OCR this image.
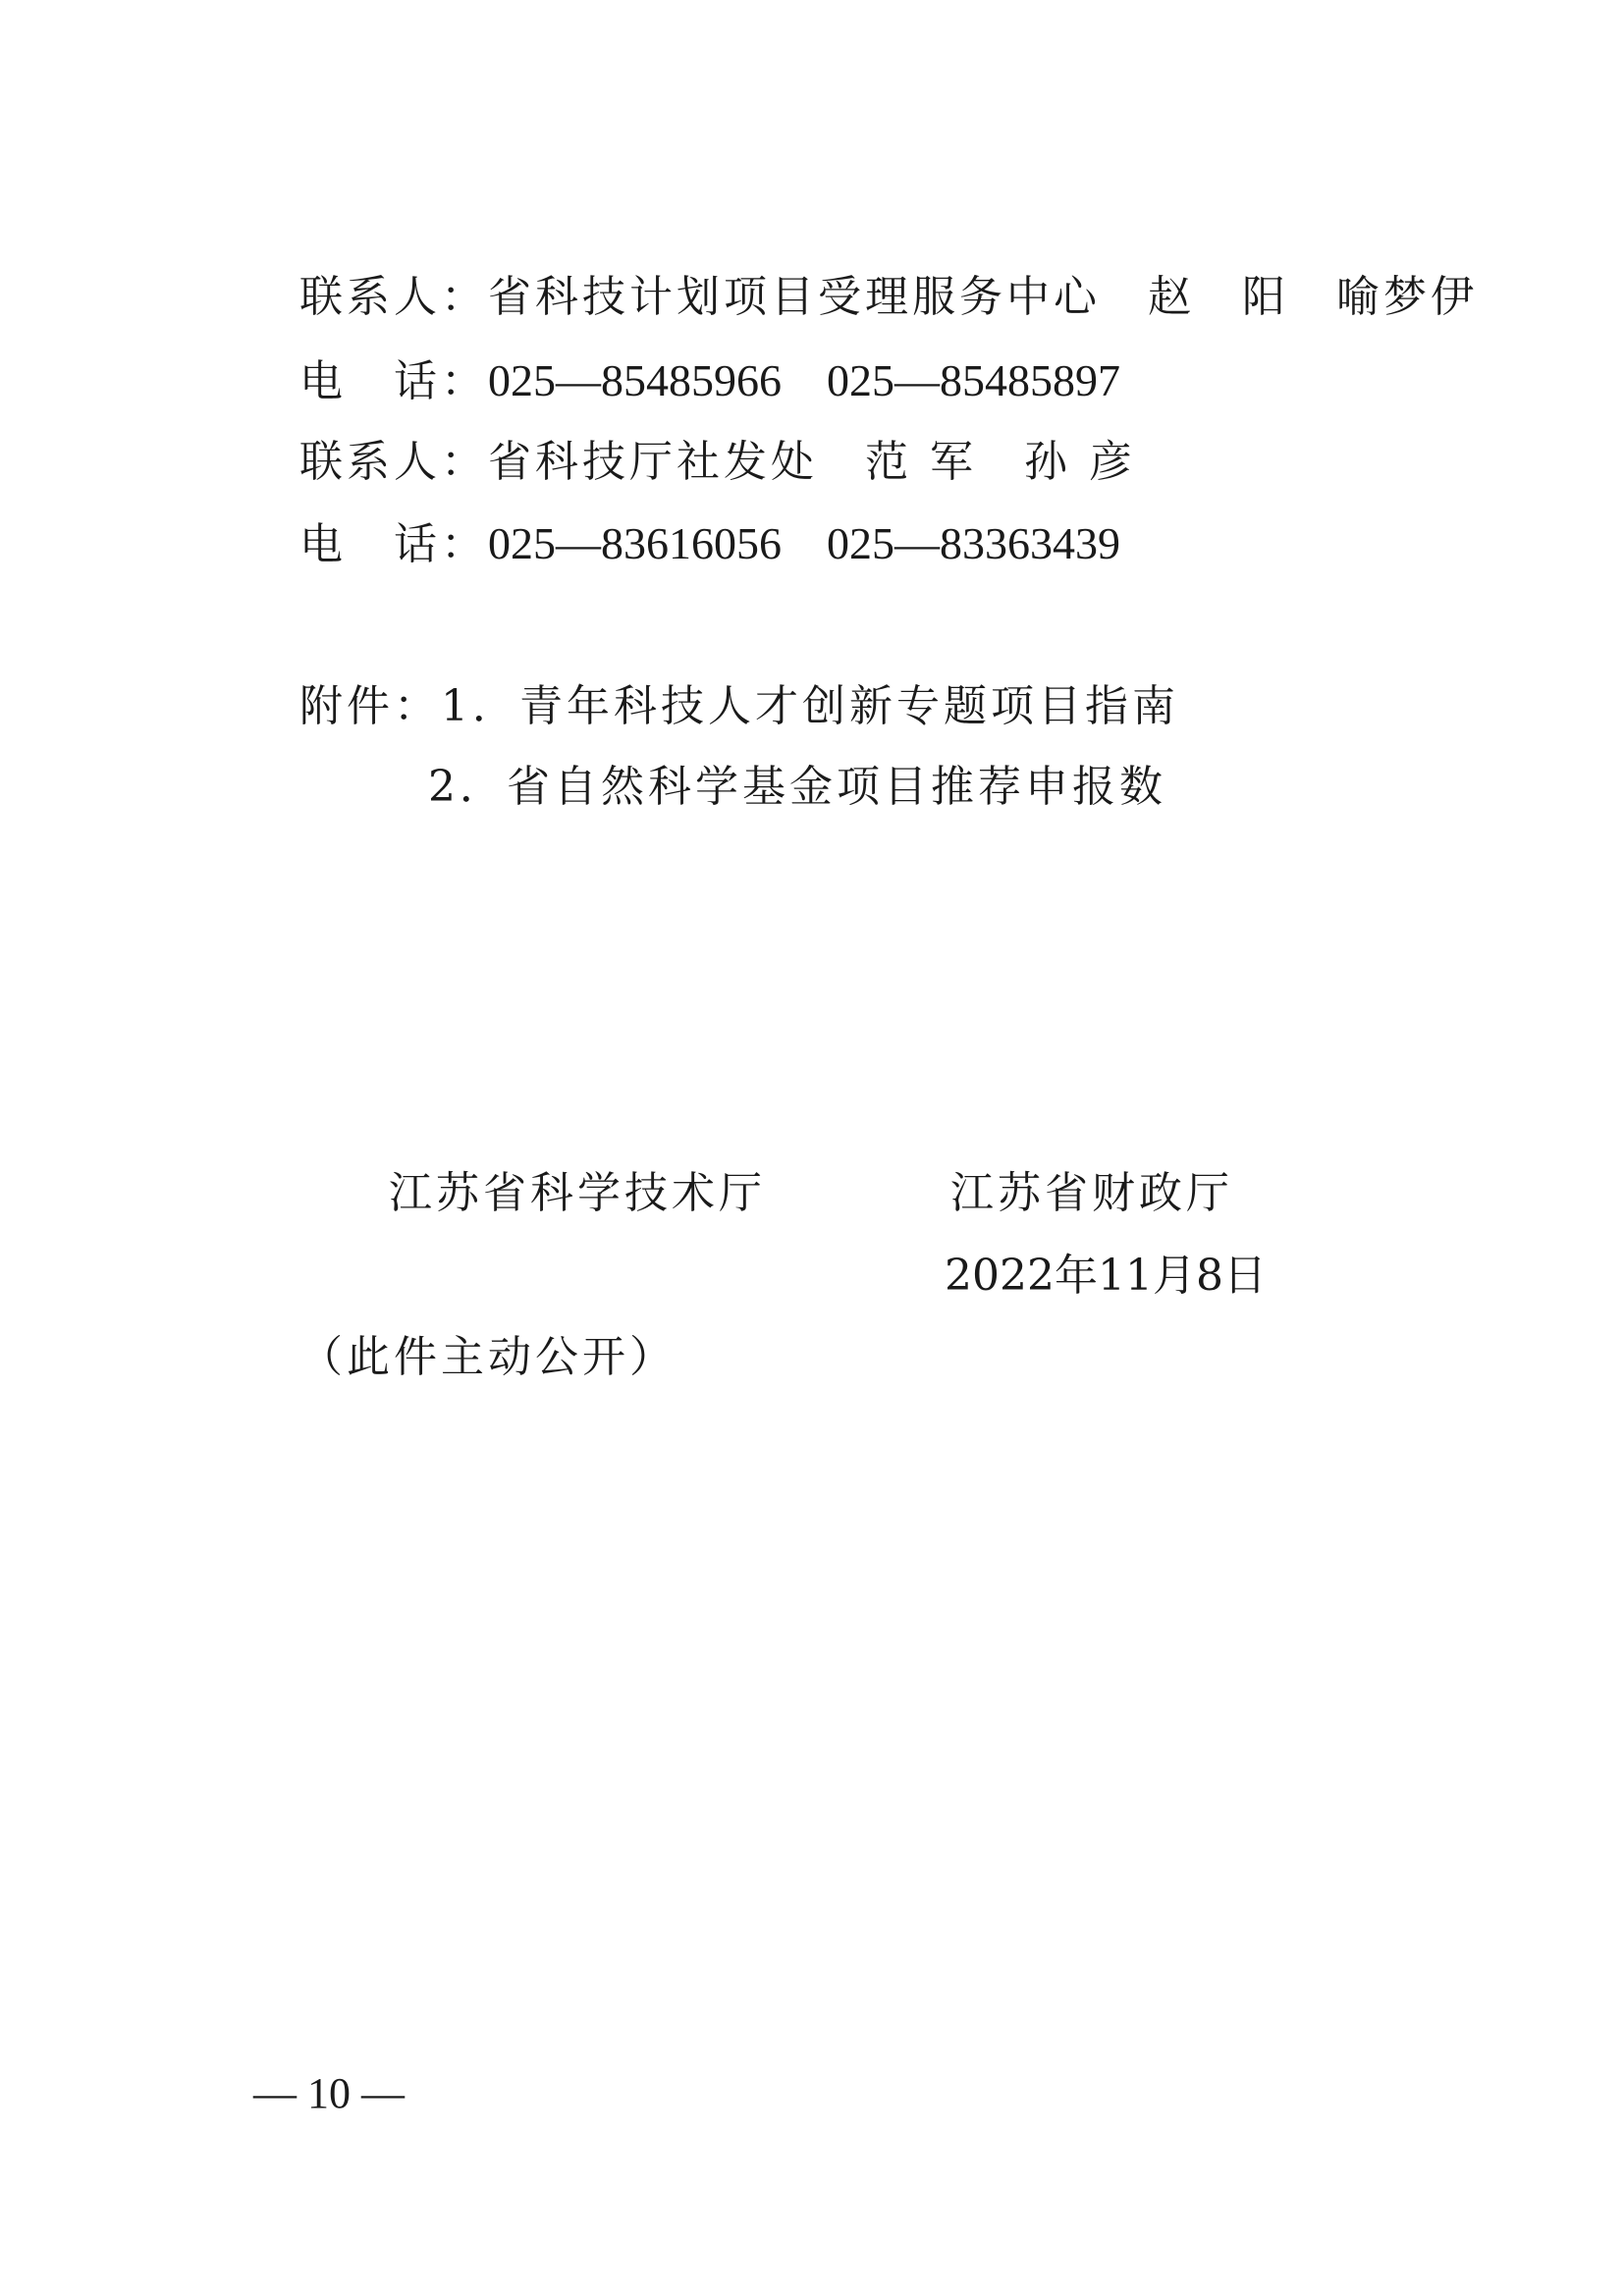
联系人：省科技计划项目受理服务中心　赵　阳　喻梦伊
电　话：025—85485966　025—85485897
联系人：省科技厅社发处　范 军　孙 彦
电　话：025—83616056　025—83363439
附件：1．青年科技人才创新专题项目指南
2．省自然科学基金项目推荐申报数
江苏省科学技术厅	江苏省财政厅
2022年11月8日
（此件主动公开）
— 10 —
